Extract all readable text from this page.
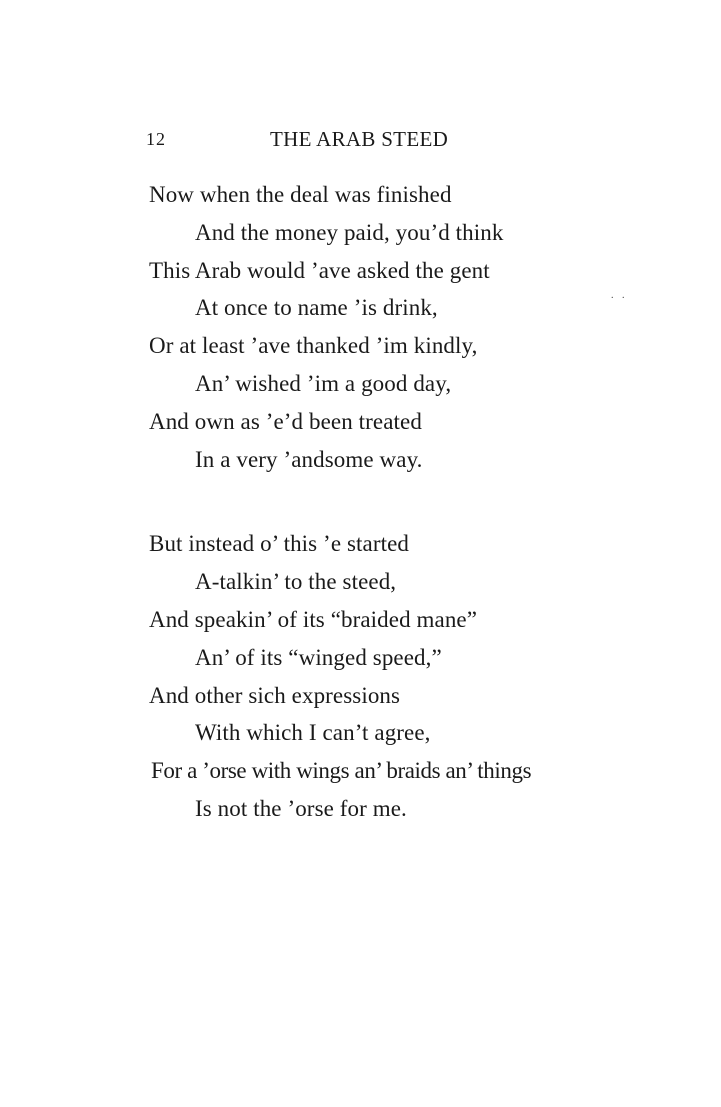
12	THE ARAB STEED
. .
Now when the deal was finished
And the money paid, you’d think
This Arab would ’ave asked the gent
At once to name ’is drink,
Or at least ’ave thanked ’im kindly,
An’ wished ’im a good day,
And own as ’e’d been treated
In a very ’andsome way.
But instead o’ this ’e started
A-talkin’ to the steed,
And speakin’ of its “braided mane”
An’ of its “winged speed,”
And other sich expressions
With which I can’t agree,
For a ’orse with wings an’ braids an’ things
Is not the ’orse for me.
